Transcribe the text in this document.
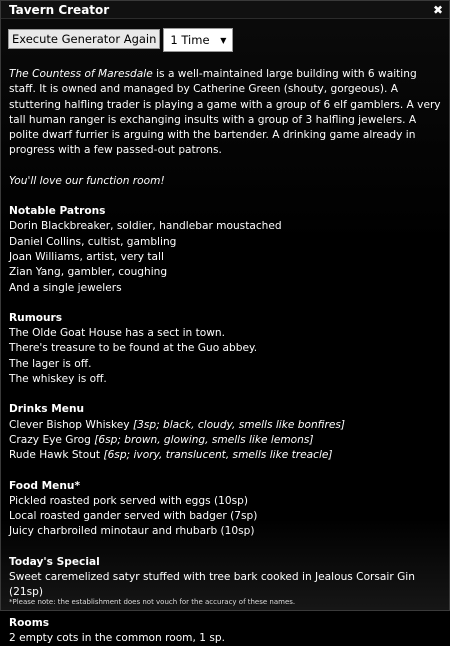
Tavern Creator	✖
Execute Generator Again	1 Time ▼

The Countess of Maresdale is a well-maintained large building with 6 waiting staff. It is owned and managed by Catherine Green (shouty, gorgeous). A stuttering halfling trader is playing a game with a group of 6 elf gamblers. A very tall human ranger is exchanging insults with a group of 3 halfling jewelers. A polite dwarf furrier is arguing with the bartender. A drinking game already in progress with a few passed-out patrons.

You'll love our function room!

Notable Patrons

Dorin Blackbreaker, soldier, handlebar moustached

Daniel Collins, cultist, gambling

Joan Williams, artist, very tall

Zian Yang, gambler, coughing

And a single jewelers

Rumours

The Olde Goat House has a sect in town.

There's treasure to be found at the Guo abbey.

The lager is off.

The whiskey is off.

Drinks Menu

Clever Bishop Whiskey [3sp; black, cloudy, smells like bonfires]

Crazy Eye Grog [6sp; brown, glowing, smells like lemons]

Rude Hawk Stout [6sp; ivory, translucent, smells like treacle]

Food Menu*

Pickled roasted pork served with eggs (10sp)

Local roasted gander served with badger (7sp)

Juicy charbroiled minotaur and rhubarb (10sp)

Today's Special

Sweet caremelized satyr stuffed with tree bark cooked in Jealous Corsair Gin (21sp)

Rooms

2 empty cots in the common room, 1 sp.

*Please note: the establishment does not vouch for the accuracy of these names.
